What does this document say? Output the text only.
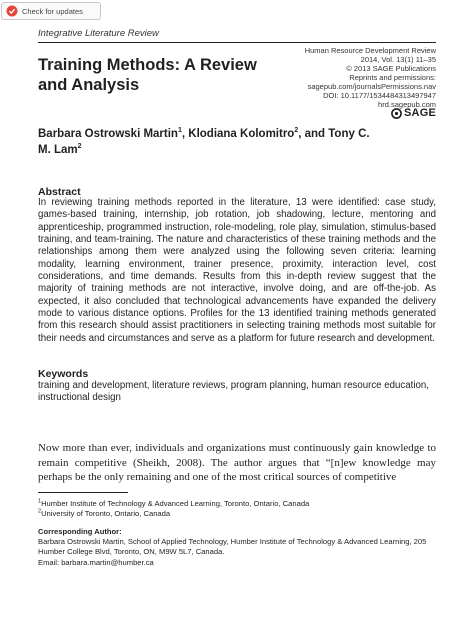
Check for updates
Integrative Literature Review
Human Resource Development Review
2014, Vol. 13(1) 11–35
© 2013 SAGE Publications
Reprints and permissions:
sagepub.com/journalsPermissions.nav
DOI: 10.1177/1534484313497947
hrd.sagepub.com
SAGE
Training Methods: A Review and Analysis
Barbara Ostrowski Martin$^1$, Klodiana Kolomitro$^2$, and Tony C. M. Lam$^2$
Abstract

In reviewing training methods reported in the literature, 13 were identified: case study, games-based training, internship, job rotation, job shadowing, lecture, mentoring and apprenticeship, programmed instruction, role-modeling, role play, simulation, stimulus-based training, and team-training. The nature and characteristics of these training methods and the relationships among them were analyzed using the following seven criteria: learning modality, learning environment, trainer presence, proximity, interaction level, cost considerations, and time demands. Results from this in-depth review suggest that the majority of training methods are not interactive, involve doing, and are off-the-job. As expected, it also concluded that technological advancements have expanded the delivery mode to various distance options. Profiles for the 13 identified training methods generated from this research should assist practitioners in selecting training methods most suitable for their needs and circumstances and serve as a platform for future research and development.

Keywords

training and development, literature reviews, program planning, human resource education, instructional design

Now more than ever, individuals and organizations must continuously gain knowledge to remain competitive (Sheikh, 2008). The author argues that “[n]ew knowledge may perhaps be the only remaining and one of the most critical sources of competitive

$^1$Humber Institute of Technology & Advanced Learning, Toronto, Ontario, Canada
$^2$University of Toronto, Ontario, Canada
Corresponding Author:
Barbara Ostrowski Martin, School of Applied Technology, Humber Institute of Technology & Advanced Learning, 205 Humber College Blvd, Toronto, ON, M9W 5L7, Canada.
Email: barbara.martin@humber.ca
